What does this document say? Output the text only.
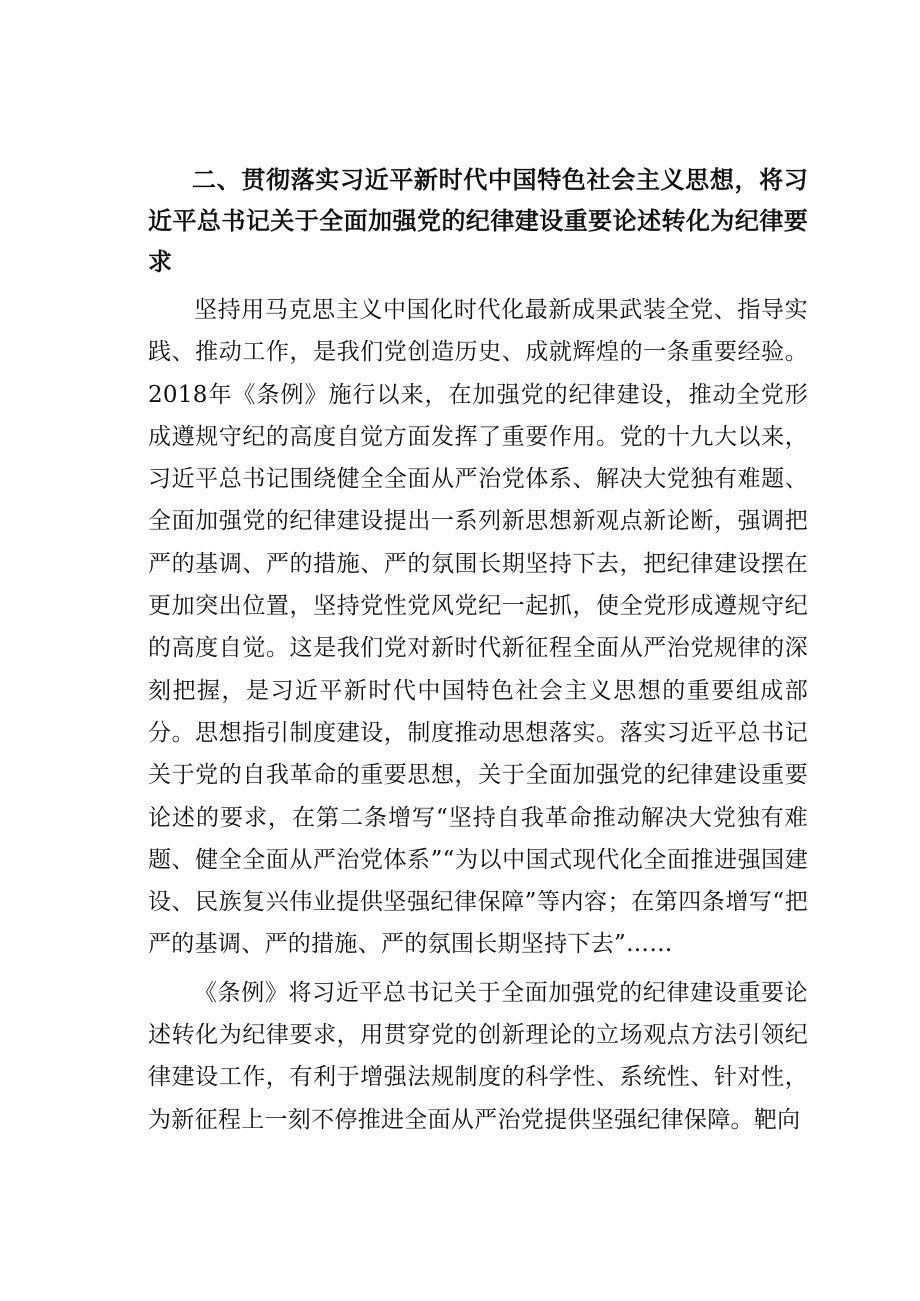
二、贯彻落实习近平新时代中国特色社会主义思想，将习近平总书记关于全面加强党的纪律建设重要论述转化为纪律要求

坚持用马克思主义中国化时代化最新成果武装全党、指导实践、推动工作，是我们党创造历史、成就辉煌的一条重要经验。2018年《条例》施行以来，在加强党的纪律建设，推动全党形成遵规守纪的高度自觉方面发挥了重要作用。党的十九大以来，习近平总书记围绕健全全面从严治党体系、解决大党独有难题、全面加强党的纪律建设提出一系列新思想新观点新论断，强调把严的基调、严的措施、严的氛围长期坚持下去，把纪律建设摆在更加突出位置，坚持党性党风党纪一起抓，使全党形成遵规守纪的高度自觉。这是我们党对新时代新征程全面从严治党规律的深刻把握，是习近平新时代中国特色社会主义思想的重要组成部分。思想指引制度建设，制度推动思想落实。落实习近平总书记关于党的自我革命的重要思想，关于全面加强党的纪律建设重要论述的要求，在第二条增写“坚持自我革命推动解决大党独有难题、健全全面从严治党体系”“为以中国式现代化全面推进强国建设、民族复兴伟业提供坚强纪律保障”等内容；在第四条增写“把严的基调、严的措施、严的氛围长期坚持下去”……

《条例》将习近平总书记关于全面加强党的纪律建设重要论述转化为纪律要求，用贯穿党的创新理论的立场观点方法引领纪律建设工作，有利于增强法规制度的科学性、系统性、针对性，为新征程上一刻不停推进全面从严治党提供坚强纪律保障。靶向
